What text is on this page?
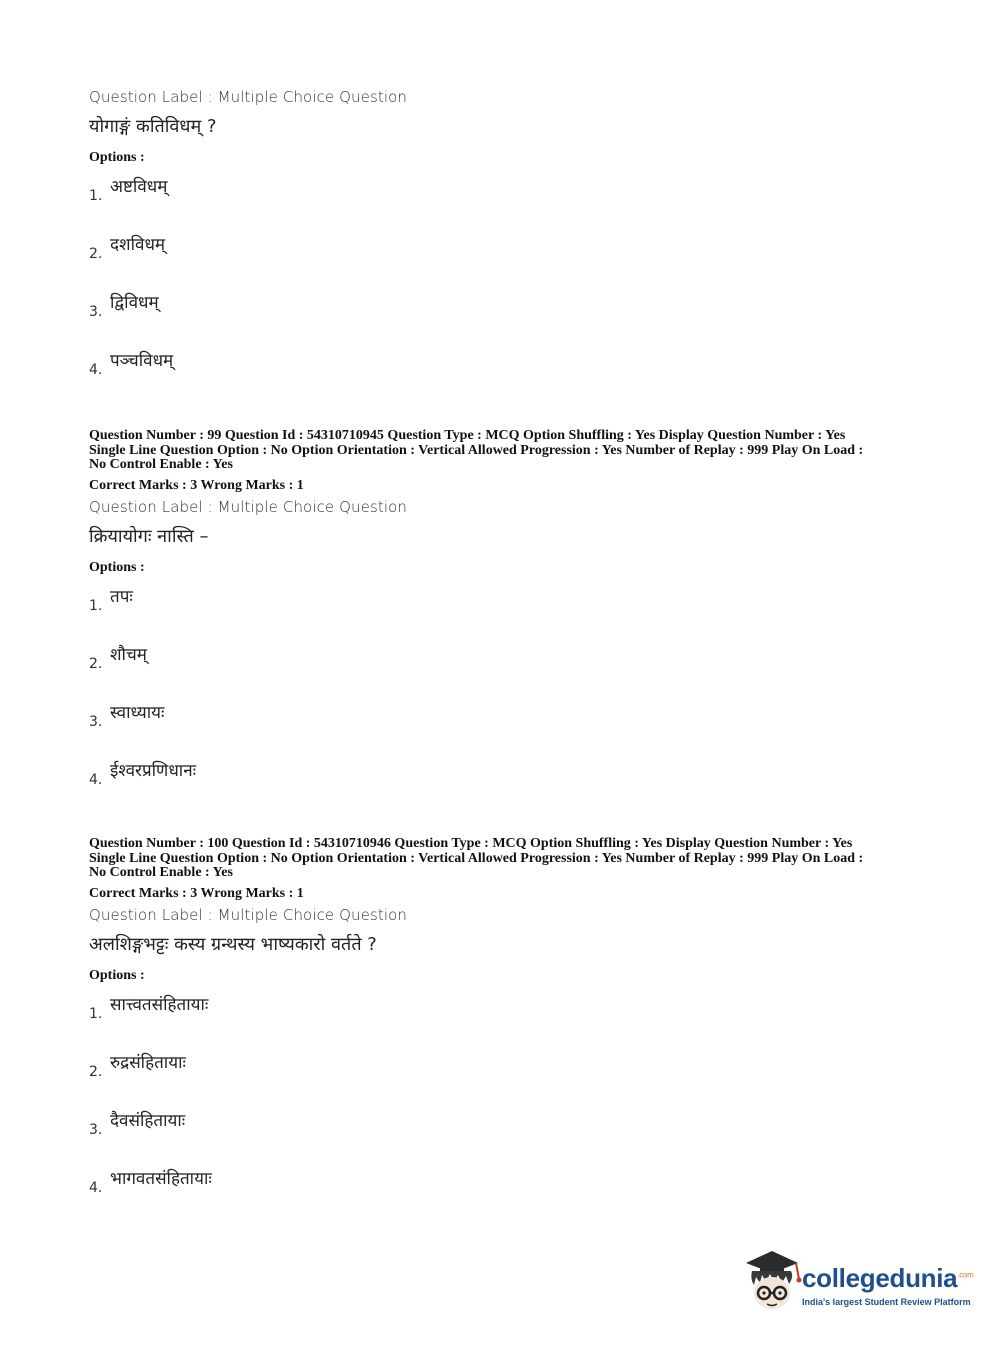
Question Label : Multiple Choice Question
योगाङ्गं कतिविधम् ?
Options :
1. अष्टविधम्
2. दशविधम्
3. द्विविधम्
4. पञ्चविधम्
Question Number : 99 Question Id : 54310710945 Question Type : MCQ Option Shuffling : Yes Display Question Number : Yes
Single Line Question Option : No Option Orientation : Vertical Allowed Progression : Yes Number of Replay : 999 Play On Load :
No Control Enable : Yes
Correct Marks : 3 Wrong Marks : 1
Question Label : Multiple Choice Question
क्रियायोगः नास्ति –
Options :
1. तपः
2. शौचम्
3. स्वाध्यायः
4. ईश्वरप्रणिधानः
Question Number : 100 Question Id : 54310710946 Question Type : MCQ Option Shuffling : Yes Display Question Number : Yes
Single Line Question Option : No Option Orientation : Vertical Allowed Progression : Yes Number of Replay : 999 Play On Load :
No Control Enable : Yes
Correct Marks : 3 Wrong Marks : 1
Question Label : Multiple Choice Question
अलशिङ्गभट्टः कस्य ग्रन्थस्य भाष्यकारो वर्तते ?
Options :
1. सात्त्वतसंहितायाः
2. रुद्रसंहितायाः
3. दैवसंहितायाः
4. भागवतसंहितायाः
collegedunia$^{.com}$
India's largest Student Review Platform
